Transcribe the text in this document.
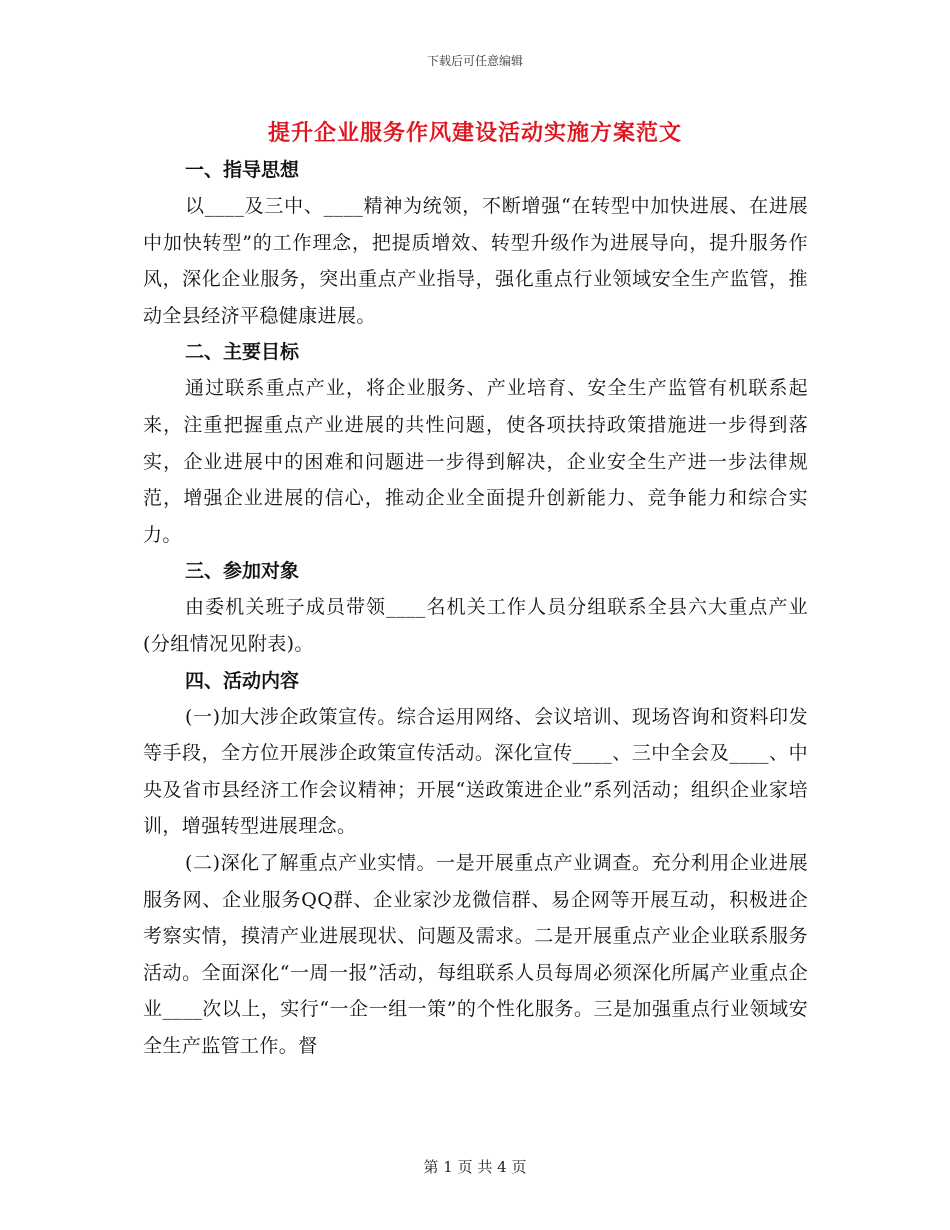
下载后可任意编辑
提升企业服务作风建设活动实施方案范文
一、指导思想

以____及三中、____精神为统领，不断增强“在转型中加快进展、在进展中加快转型”的工作理念，把提质增效、转型升级作为进展导向，提升服务作风，深化企业服务，突出重点产业指导，强化重点行业领域安全生产监管，推动全县经济平稳健康进展。

二、主要目标

通过联系重点产业，将企业服务、产业培育、安全生产监管有机联系起来，注重把握重点产业进展的共性问题，使各项扶持政策措施进一步得到落实，企业进展中的困难和问题进一步得到解决，企业安全生产进一步法律规范，增强企业进展的信心，推动企业全面提升创新能力、竞争能力和综合实力。

三、参加对象

由委机关班子成员带领____名机关工作人员分组联系全县六大重点产业(分组情况见附表)。

四、活动内容

(一)加大涉企政策宣传。综合运用网络、会议培训、现场咨询和资料印发等手段，全方位开展涉企政策宣传活动。深化宣传____、三中全会及____、中央及省市县经济工作会议精神；开展“送政策进企业”系列活动；组织企业家培训，增强转型进展理念。

(二)深化了解重点产业实情。一是开展重点产业调查。充分利用企业进展服务网、企业服务QQ群、企业家沙龙微信群、易企网等开展互动，积极进企考察实情，摸清产业进展现状、问题及需求。二是开展重点产业企业联系服务活动。全面深化“一周一报”活动，每组联系人员每周必须深化所属产业重点企业____次以上，实行“一企一组一策”的个性化服务。三是加强重点行业领域安全生产监管工作。督

第 1 页 共 4 页
